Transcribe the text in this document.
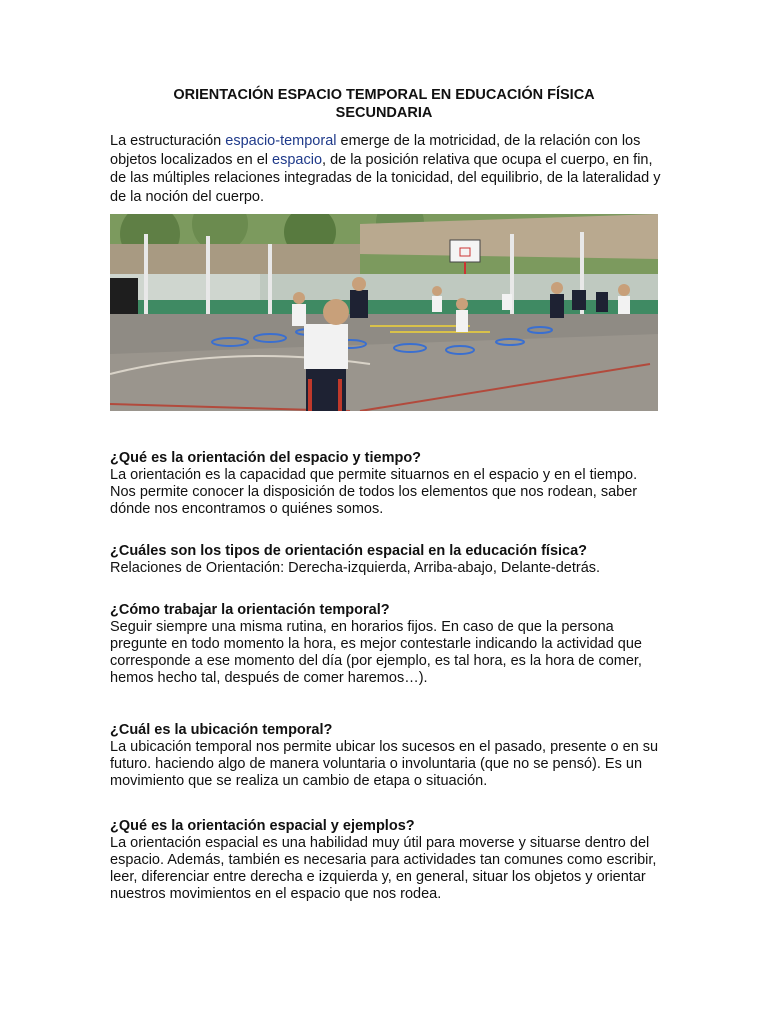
ORIENTACIÓN ESPACIO TEMPORAL EN EDUCACIÓN FÍSICA
SECUNDARIA

La estructuración espacio-temporal emerge de la motricidad, de la relación con los objetos localizados en el espacio, de la posición relativa que ocupa el cuerpo, en fin, de las múltiples relaciones integradas de la tonicidad, del equilibrio, de la lateralidad y de la noción del cuerpo.

¿Qué es la orientación del espacio y tiempo?

La orientación es la capacidad que permite situarnos en el espacio y en el tiempo. Nos permite conocer la disposición de todos los elementos que nos rodean, saber dónde nos encontramos o quiénes somos.

¿Cuáles son los tipos de orientación espacial en la educación física?

Relaciones de Orientación: Derecha-izquierda, Arriba-abajo, Delante-detrás.

¿Cómo trabajar la orientación temporal?

Seguir siempre una misma rutina, en horarios fijos. En caso de que la persona pregunte en todo momento la hora, es mejor contestarle indicando la actividad que corresponde a ese momento del día (por ejemplo, es tal hora, es la hora de comer, hemos hecho tal, después de comer haremos…).

¿Cuál es la ubicación temporal?

La ubicación temporal nos permite ubicar los sucesos en el pasado, presente o en su futuro. haciendo algo de manera voluntaria o involuntaria (que no se pensó). Es un movimiento que se realiza un cambio de etapa o situación.

¿Qué es la orientación espacial y ejemplos?

La orientación espacial es una habilidad muy útil para moverse y situarse dentro del espacio. Además, también es necesaria para actividades tan comunes como escribir, leer, diferenciar entre derecha e izquierda y, en general, situar los objetos y orientar nuestros movimientos en el espacio que nos rodea.
